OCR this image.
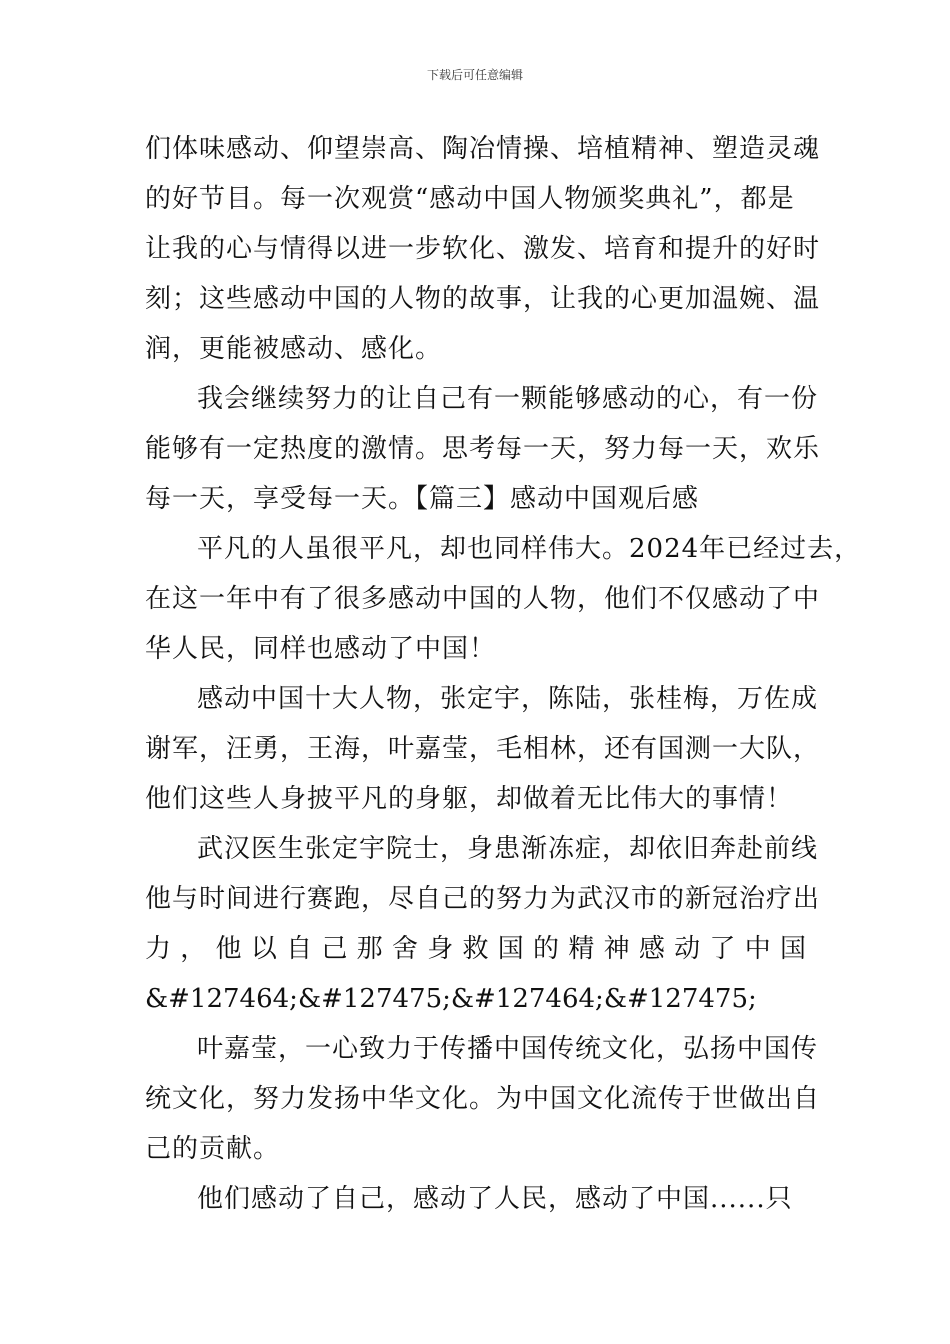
下载后可任意编辑
们体味感动、仰望崇高、陶冶情操、培植精神、塑造灵魂
的好节目。每一次观赏“感动中国人物颁奖典礼”，都是
让我的心与情得以进一步软化、激发、培育和提升的好时
刻；这些感动中国的人物的故事，让我的心更加温婉、温
润，更能被感动、感化。
我会继续努力的让自己有一颗能够感动的心，有一份
能够有一定热度的激情。思考每一天，努力每一天，欢乐
每一天，享受每一天。【篇三】感动中国观后感
平凡的人虽很平凡，却也同样伟大。2024年已经过去，
在这一年中有了很多感动中国的人物，他们不仅感动了中
华人民，同样也感动了中国！
感动中国十大人物，张定宇，陈陆，张桂梅，万佐成
谢军，汪勇，王海，叶嘉莹，毛相林，还有国测一大队，
他们这些人身披平凡的身躯，却做着无比伟大的事情！
武汉医生张定宇院士，身患渐冻症，却依旧奔赴前线
他与时间进行赛跑，尽自己的努力为武汉市的新冠治疗出
力，他以自己那舍身救国的精神感动了中国
&#127464;&#127475;&#127464;&#127475;
叶嘉莹，一心致力于传播中国传统文化，弘扬中国传
统文化，努力发扬中华文化。为中国文化流传于世做出自
己的贡献。
他们感动了自己，感动了人民，感动了中国......只
